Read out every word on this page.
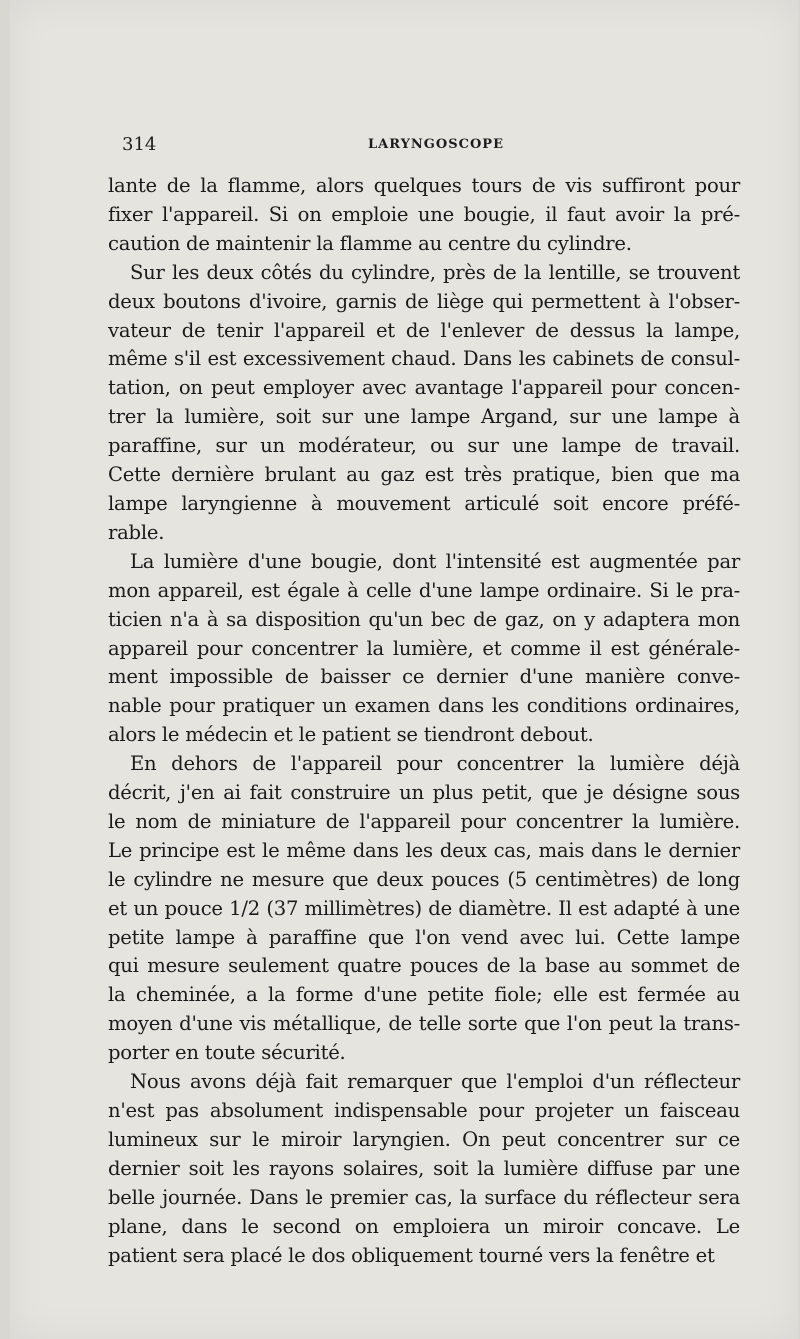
314	LARYNGOSCOPE

lante de la flamme, alors quelques tours de vis suffiront pour
fixer l'appareil. Si on emploie une bougie, il faut avoir la pré-
caution de maintenir la flamme au centre du cylindre.

Sur les deux côtés du cylindre, près de la lentille, se trouvent
deux boutons d'ivoire, garnis de liège qui permettent à l'obser-
vateur de tenir l'appareil et de l'enlever de dessus la lampe,
même s'il est excessivement chaud. Dans les cabinets de consul-
tation, on peut employer avec avantage l'appareil pour concen-
trer la lumière, soit sur une lampe Argand, sur une lampe à
paraffine, sur un modérateur, ou sur une lampe de travail.
Cette dernière brulant au gaz est très pratique, bien que ma
lampe laryngienne à mouvement articulé soit encore préfé-
rable.

La lumière d'une bougie, dont l'intensité est augmentée par
mon appareil, est égale à celle d'une lampe ordinaire. Si le pra-
ticien n'a à sa disposition qu'un bec de gaz, on y adaptera mon
appareil pour concentrer la lumière, et comme il est générale-
ment impossible de baisser ce dernier d'une manière conve-
nable pour pratiquer un examen dans les conditions ordinaires,
alors le médecin et le patient se tiendront debout.

En dehors de l'appareil pour concentrer la lumière déjà
décrit, j'en ai fait construire un plus petit, que je désigne sous
le nom de miniature de l'appareil pour concentrer la lumière.
Le principe est le même dans les deux cas, mais dans le dernier
le cylindre ne mesure que deux pouces (5 centimètres) de long
et un pouce 1/2 (37 millimètres) de diamètre. Il est adapté à une
petite lampe à paraffine que l'on vend avec lui. Cette lampe
qui mesure seulement quatre pouces de la base au sommet de
la cheminée, a la forme d'une petite fiole; elle est fermée au
moyen d'une vis métallique, de telle sorte que l'on peut la trans-
porter en toute sécurité.

Nous avons déjà fait remarquer que l'emploi d'un réflecteur
n'est pas absolument indispensable pour projeter un faisceau
lumineux sur le miroir laryngien. On peut concentrer sur ce
dernier soit les rayons solaires, soit la lumière diffuse par une
belle journée. Dans le premier cas, la surface du réflecteur sera
plane, dans le second on emploiera un miroir concave. Le
patient sera placé le dos obliquement tourné vers la fenêtre et
